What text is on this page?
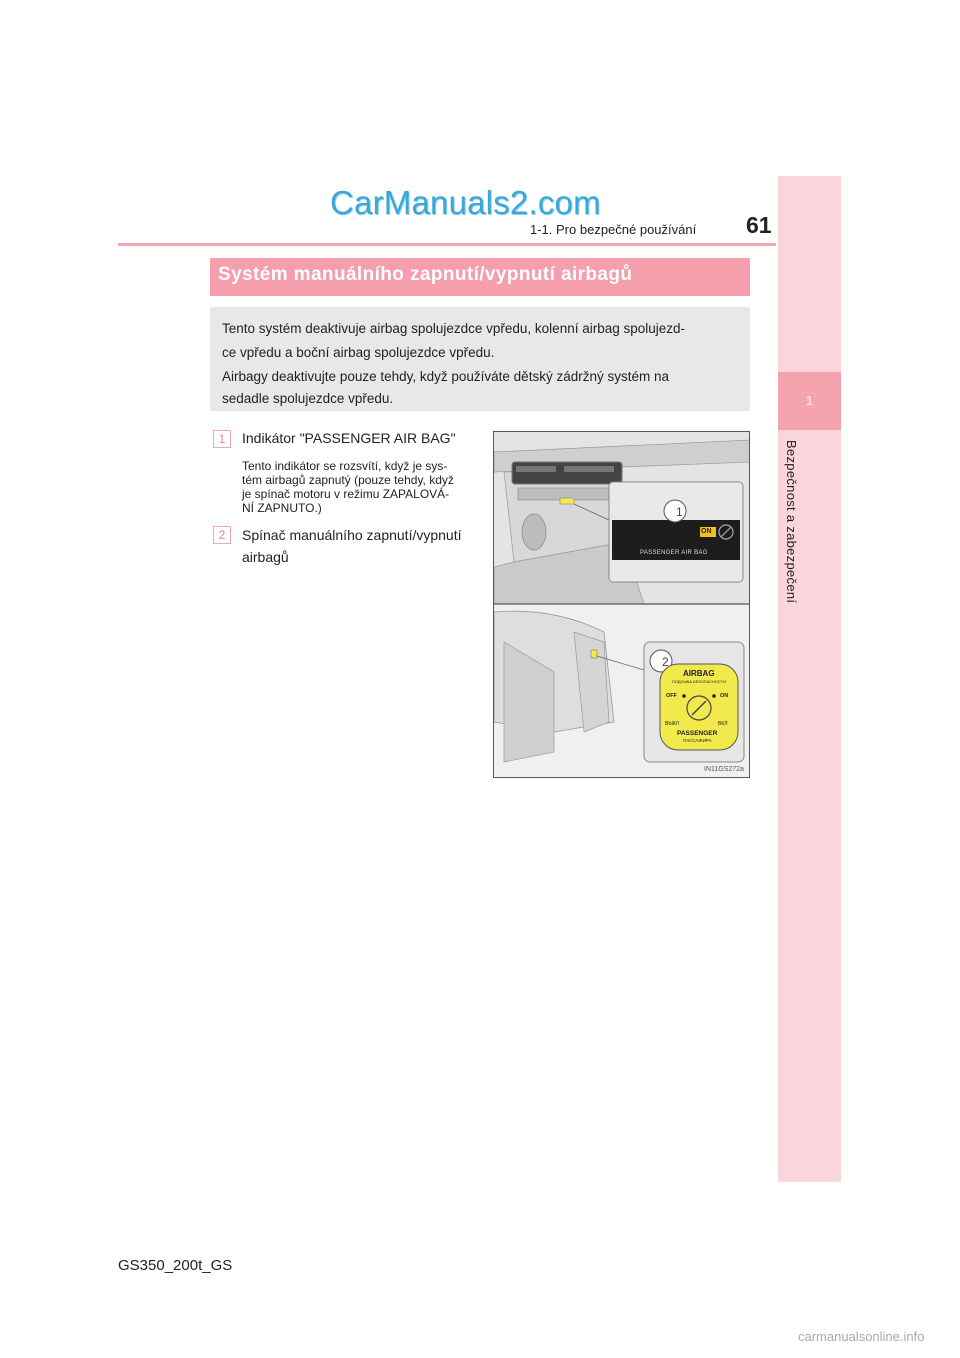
1
Bezpečnost a zabezpečení
CarManuals2.com
1-1. Pro bezpečné používání 61
Systém manuálního zapnutí/vypnutí airbagů

Tento systém deaktivuje airbag spolujezdce vpředu, kolenní airbag spolujezd-

ce vpředu a boční airbag spolujezdce vpředu.

Airbagy deaktivujte pouze tehdy, když používáte dětský zádržný systém na

sedadle spolujezdce vpředu.

1	Indikátor "PASSENGER AIR BAG"
Tento indikátor se rozsvítí, když je sys-
tém airbagů zapnutý (pouze tehdy, když
je spínač motoru v režimu ZAPALOVÁ-
NÍ ZAPNUTO.)
2	Spínač manuálního zapnutí/vypnutí
airbagů
1
2
ON
PASSENGER AIR BAG
AIRBAG
ПОДУШКА БЕЗОПАСНОСТИ
OFF
ВЫКЛ
ON
ВКЛ
PASSENGER
ПАССАЖИРА
IN11GS272a
GS350_200t_GS
carmanualsonline.info
